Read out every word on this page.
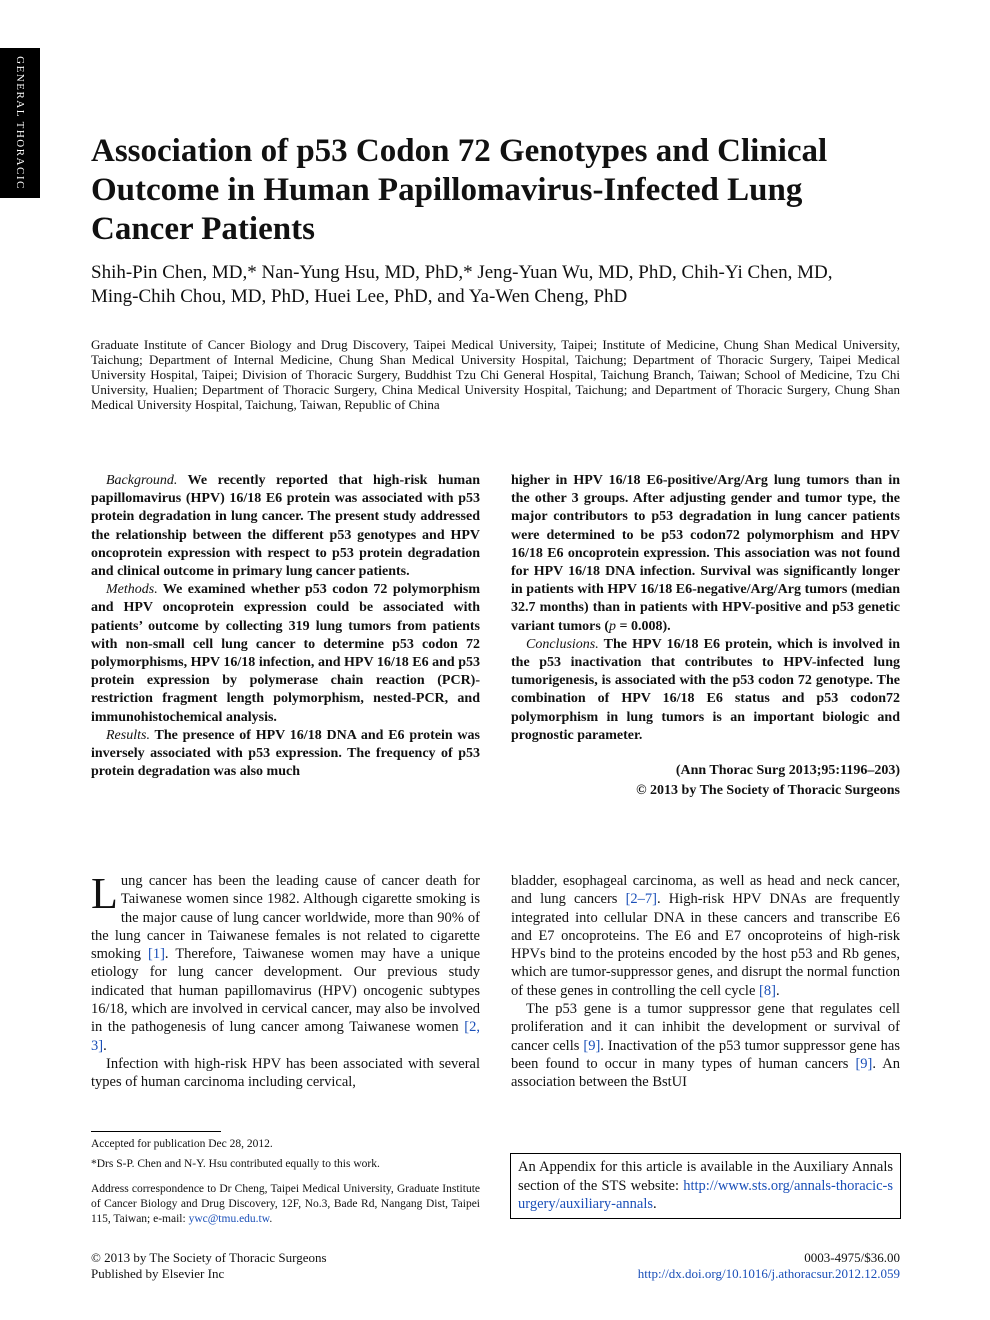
GENERAL THORACIC Association of p53 Codon 72 Genotypes and Clinical Outcome in Human Papillomavirus-Infected Lung Cancer Patients
Shih-Pin Chen, MD,* Nan-Yung Hsu, MD, PhD,* Jeng-Yuan Wu, MD, PhD, Chih-Yi Chen, MD, Ming-Chih Chou, MD, PhD, Huei Lee, PhD, and Ya-Wen Cheng, PhD
Graduate Institute of Cancer Biology and Drug Discovery, Taipei Medical University, Taipei; Institute of Medicine, Chung Shan Medical University, Taichung; Department of Internal Medicine, Chung Shan Medical University Hospital, Taichung; Department of Thoracic Surgery, Taipei Medical University Hospital, Taipei; Division of Thoracic Surgery, Buddhist Tzu Chi General Hospital, Taichung Branch, Taiwan; School of Medicine, Tzu Chi University, Hualien; Department of Thoracic Surgery, China Medical University Hospital, Taichung; and Department of Thoracic Surgery, Chung Shan Medical University Hospital, Taichung, Taiwan, Republic of China

Background. We recently reported that high-risk human papillomavirus (HPV) 16/18 E6 protein was associated with p53 protein degradation in lung cancer. The present study addressed the relationship between the different p53 genotypes and HPV oncoprotein expression with respect to p53 protein degradation and clinical outcome in primary lung cancer patients.

Methods. We examined whether p53 codon 72 polymorphism and HPV oncoprotein expression could be associated with patients’ outcome by collecting 319 lung tumors from patients with non-small cell lung cancer to determine p53 codon 72 polymorphisms, HPV 16/18 infection, and HPV 16/18 E6 and p53 protein expression by polymerase chain reaction (PCR)-restriction fragment length polymorphism, nested-PCR, and immunohistochemical analysis.

Results. The presence of HPV 16/18 DNA and E6 protein was inversely associated with p53 expression. The frequency of p53 protein degradation was also much

higher in HPV 16/18 E6-positive/Arg/Arg lung tumors than in the other 3 groups. After adjusting gender and tumor type, the major contributors to p53 degradation in lung cancer patients were determined to be p53 codon72 polymorphism and HPV 16/18 E6 oncoprotein expression. This association was not found for HPV 16/18 DNA infection. Survival was significantly longer in patients with HPV 16/18 E6-negative/Arg/Arg tumors (median 32.7 months) than in patients with HPV-positive and p53 genetic variant tumors (p = 0.008).

Conclusions. The HPV 16/18 E6 protein, which is involved in the p53 inactivation that contributes to HPV-infected lung tumorigenesis, is associated with the p53 codon 72 genotype. The combination of HPV 16/18 E6 status and p53 codon72 polymorphism in lung tumors is an important biologic and prognostic parameter.

(Ann Thorac Surg 2013;95:1196–203)
© 2013 by The Society of Thoracic Surgeons

Lung cancer has been the leading cause of cancer death for Taiwanese women since 1982. Although cigarette smoking is the major cause of lung cancer worldwide, more than 90% of the lung cancer in Taiwanese females is not related to cigarette smoking [1]. Therefore, Taiwanese women may have a unique etiology for lung cancer development. Our previous study indicated that human papillomavirus (HPV) oncogenic subtypes 16/18, which are involved in cervical cancer, may also be involved in the pathogenesis of lung cancer among Taiwanese women [2, 3].

Infection with high-risk HPV has been associated with several types of human carcinoma including cervical,

bladder, esophageal carcinoma, as well as head and neck cancer, and lung cancers [2–7]. High-risk HPV DNAs are frequently integrated into cellular DNA in these cancers and transcribe E6 and E7 oncoproteins. The E6 and E7 oncoproteins of high-risk HPVs bind to the proteins encoded by the host p53 and Rb genes, which are tumor-suppressor genes, and disrupt the normal function of these genes in controlling the cell cycle [8].

The p53 gene is a tumor suppressor gene that regulates cell proliferation and it can inhibit the development or survival of cancer cells [9]. Inactivation of the p53 tumor suppressor gene has been found to occur in many types of human cancers [9]. An association between the BstUI

Accepted for publication Dec 28, 2012.

*Drs S-P. Chen and N-Y. Hsu contributed equally to this work.

Address correspondence to Dr Cheng, Taipei Medical University, Graduate Institute of Cancer Biology and Drug Discovery, 12F, No.3, Bade Rd, Nangang Dist, Taipei 115, Taiwan; e-mail: ywc@tmu.edu.tw.

An Appendix for this article is available in the Auxiliary Annals section of the STS website: http://www.sts.org/annals-thoracic-surgery/auxiliary-annals.
© 2013 by The Society of Thoracic Surgeons
Published by Elsevier Inc
0003-4975/$36.00
http://dx.doi.org/10.1016/j.athoracsur.2012.12.059
